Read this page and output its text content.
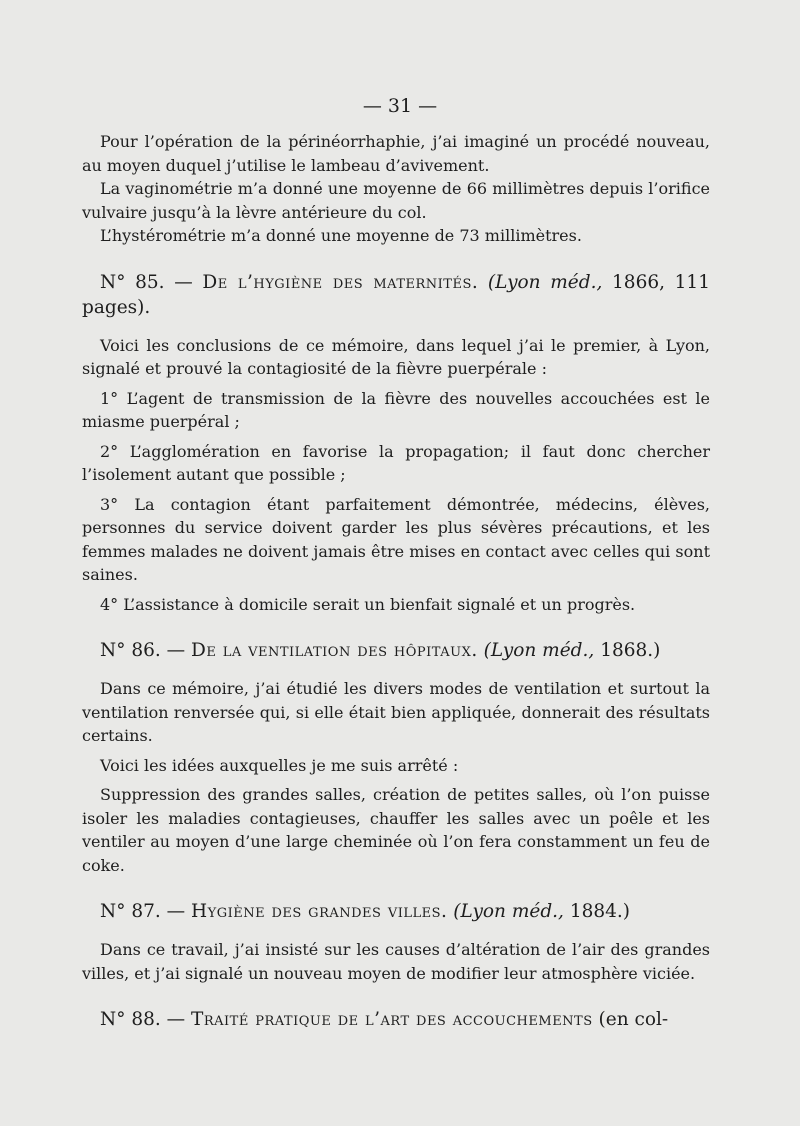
— 31 —

Pour l’opération de la périnéorrhaphie, j’ai imaginé un procédé nouveau, au moyen duquel j’utilise le lambeau d’avivement.

La vaginométrie m’a donné une moyenne de 66 millimètres depuis l’orifice vulvaire jusqu’à la lèvre antérieure du col.

L’hystérométrie m’a donné une moyenne de 73 millimètres.

N° 85. — De l’hygiène des maternités. (Lyon méd., 1866, 111 pages).

Voici les conclusions de ce mémoire, dans lequel j’ai le premier, à Lyon, signalé et prouvé la contagiosité de la fièvre puerpérale :

1° L’agent de transmission de la fièvre des nouvelles accouchées est le miasme puerpéral ;

2° L’agglomération en favorise la propagation; il faut donc chercher l’isolement autant que possible ;

3° La contagion étant parfaitement démontrée, médecins, élèves, personnes du service doivent garder les plus sévères précautions, et les femmes malades ne doivent jamais être mises en contact avec celles qui sont saines.

4° L’assistance à domicile serait un bienfait signalé et un progrès.

N° 86. — De la ventilation des hôpitaux. (Lyon méd., 1868.)

Dans ce mémoire, j’ai étudié les divers modes de ventilation et surtout la ventilation renversée qui, si elle était bien appliquée, donnerait des résultats certains.

Voici les idées auxquelles je me suis arrêté :

Suppression des grandes salles, création de petites salles, où l’on puisse isoler les maladies contagieuses, chauffer les salles avec un poêle et les ventiler au moyen d’une large cheminée où l’on fera constamment un feu de coke.

N° 87. — Hygiène des grandes villes. (Lyon méd., 1884.)

Dans ce travail, j’ai insisté sur les causes d’altération de l’air des grandes villes, et j’ai signalé un nouveau moyen de modifier leur atmosphère viciée.

N° 88. — Traité pratique de l’art des accouchements (en col-
